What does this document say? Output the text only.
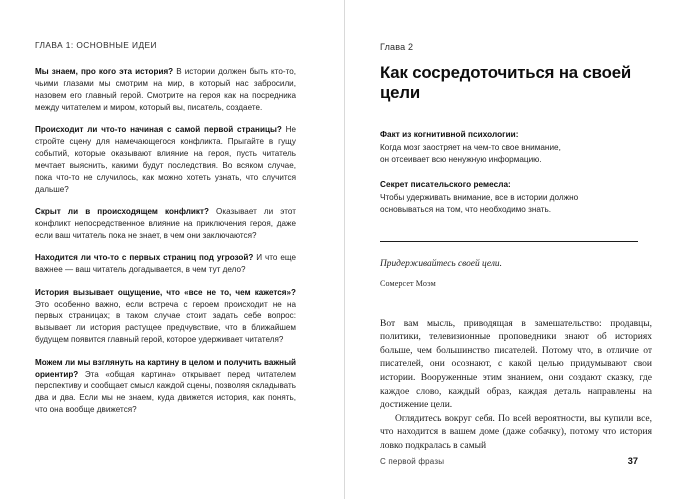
ГЛАВА 1: ОСНОВНЫЕ ИДЕИ

Мы знаем, про кого эта история? В истории должен быть кто-то, чьими глазами мы смотрим на мир, в который нас забросили, назовем его главный герой. Смотрите на героя как на посредника между читателем и миром, который вы, писатель, создаете.

Происходит ли что-то начиная с самой первой страницы? Не стройте сцену для намечающегося конфликта. Прыгайте в гущу событий, которые оказывают влияние на героя, пусть читатель мечтает выяснить, какими будут последствия. Во всяком случае, пока что-то не случилось, как можно хотеть узнать, что случится дальше?

Скрыт ли в происходящем конфликт? Оказывает ли этот конфликт непосредственное влияние на приключения героя, даже если ваш читатель пока не знает, в чем они заключаются?

Находится ли что-то с первых страниц под угрозой? И что еще важнее — ваш читатель догадывается, в чем тут дело?

История вызывает ощущение, что «все не то, чем кажется»? Это особенно важно, если встреча с героем происходит не на первых страницах; в таком случае стоит задать себе вопрос: вызывает ли история растущее предчувствие, что в ближайшем будущем появится главный герой, которое удерживает читателя?

Можем ли мы взглянуть на картину в целом и получить важный ориентир? Эта «общая картина» открывает перед читателем перспективу и сообщает смысл каждой сцены, позволяя складывать два и два. Если мы не знаем, куда движется история, как понять, что она вообще движется?

Глава 2
Как сосредоточиться на своей цели
Факт из когнитивной психологии:
Когда мозг заостряет на чем-то свое внимание,
он отсеивает всю ненужную информацию.
Секрет писательского ремесла:
Чтобы удерживать внимание, все в истории должно
основываться на том, что необходимо знать.

Придерживайтесь своей цели.

Сомерсет Моэм

Вот вам мысль, приводящая в замешательство: продавцы, политики, телевизионные проповедники знают об историях больше, чем большинство писателей. Потому что, в отличие от писателей, они осознают, с какой целью придумывают свои истории. Вооруженные этим знанием, они создают сказку, где каждое слово, каждый образ, каждая деталь направлены на достижение цели.

Оглядитесь вокруг себя. По всей вероятности, вы купили все, что находится в вашем доме (даже собачку), потому что история ловко подкралась в самый

С первой фразы	37
